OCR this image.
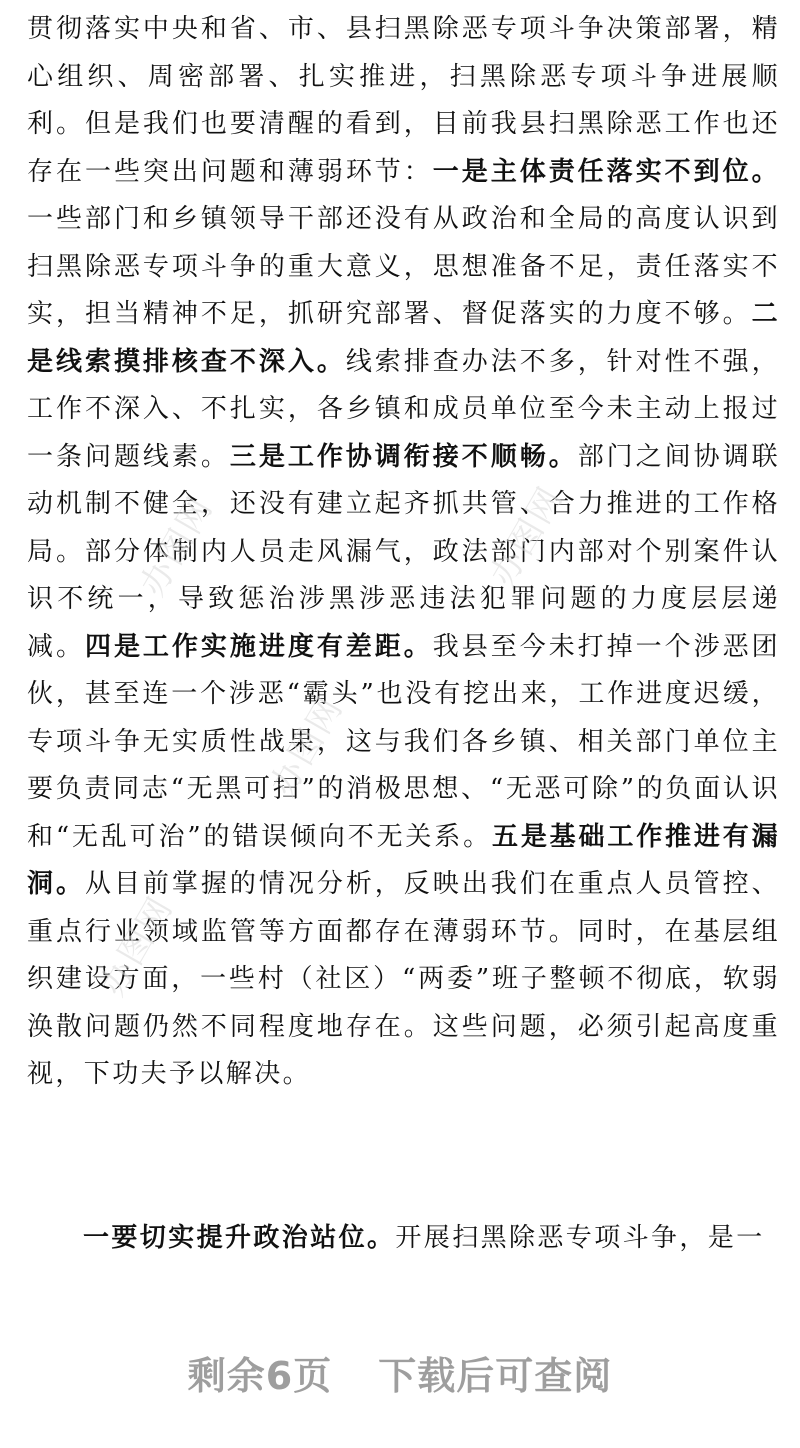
贯彻落实中央和省、市、县扫黑除恶专项斗争决策部署，精心组织、周密部署、扎实推进，扫黑除恶专项斗争进展顺利。但是我们也要清醒的看到，目前我县扫黑除恶工作也还存在一些突出问题和薄弱环节：一是主体责任落实不到位。一些部门和乡镇领导干部还没有从政治和全局的高度认识到扫黑除恶专项斗争的重大意义，思想准备不足，责任落实不实，担当精神不足，抓研究部署、督促落实的力度不够。二是线索摸排核查不深入。线索排查办法不多，针对性不强，工作不深入、不扎实，各乡镇和成员单位至今未主动上报过一条问题线素。三是工作协调衔接不顺畅。部门之间协调联动机制不健全，还没有建立起齐抓共管、合力推进的工作格局。部分体制内人员走风漏气，政法部门内部对个别案件认识不统一，导致惩治涉黑涉恶违法犯罪问题的力度层层递减。四是工作实施进度有差距。我县至今未打掉一个涉恶团伙，甚至连一个涉恶“霸头”也没有挖出来，工作进度迟缓，专项斗争无实质性战果，这与我们各乡镇、相关部门单位主要负责同志“无黑可扫”的消极思想、“无恶可除”的负面认识和“无乱可治”的错误倾向不无关系。五是基础工作推进有漏洞。从目前掌握的情况分析，反映出我们在重点人员管控、重点行业领域监管等方面都存在薄弱环节。同时，在基层组织建设方面，一些村（社区）“两委”班子整顿不彻底，软弱涣散问题仍然不同程度地存在。这些问题，必须引起高度重视，下功夫予以解决。

一要切实提升政治站位。开展扫黑除恶专项斗争，是一

办图网	办图网
办图网
办图网
剩余6页 下载后可查阅
